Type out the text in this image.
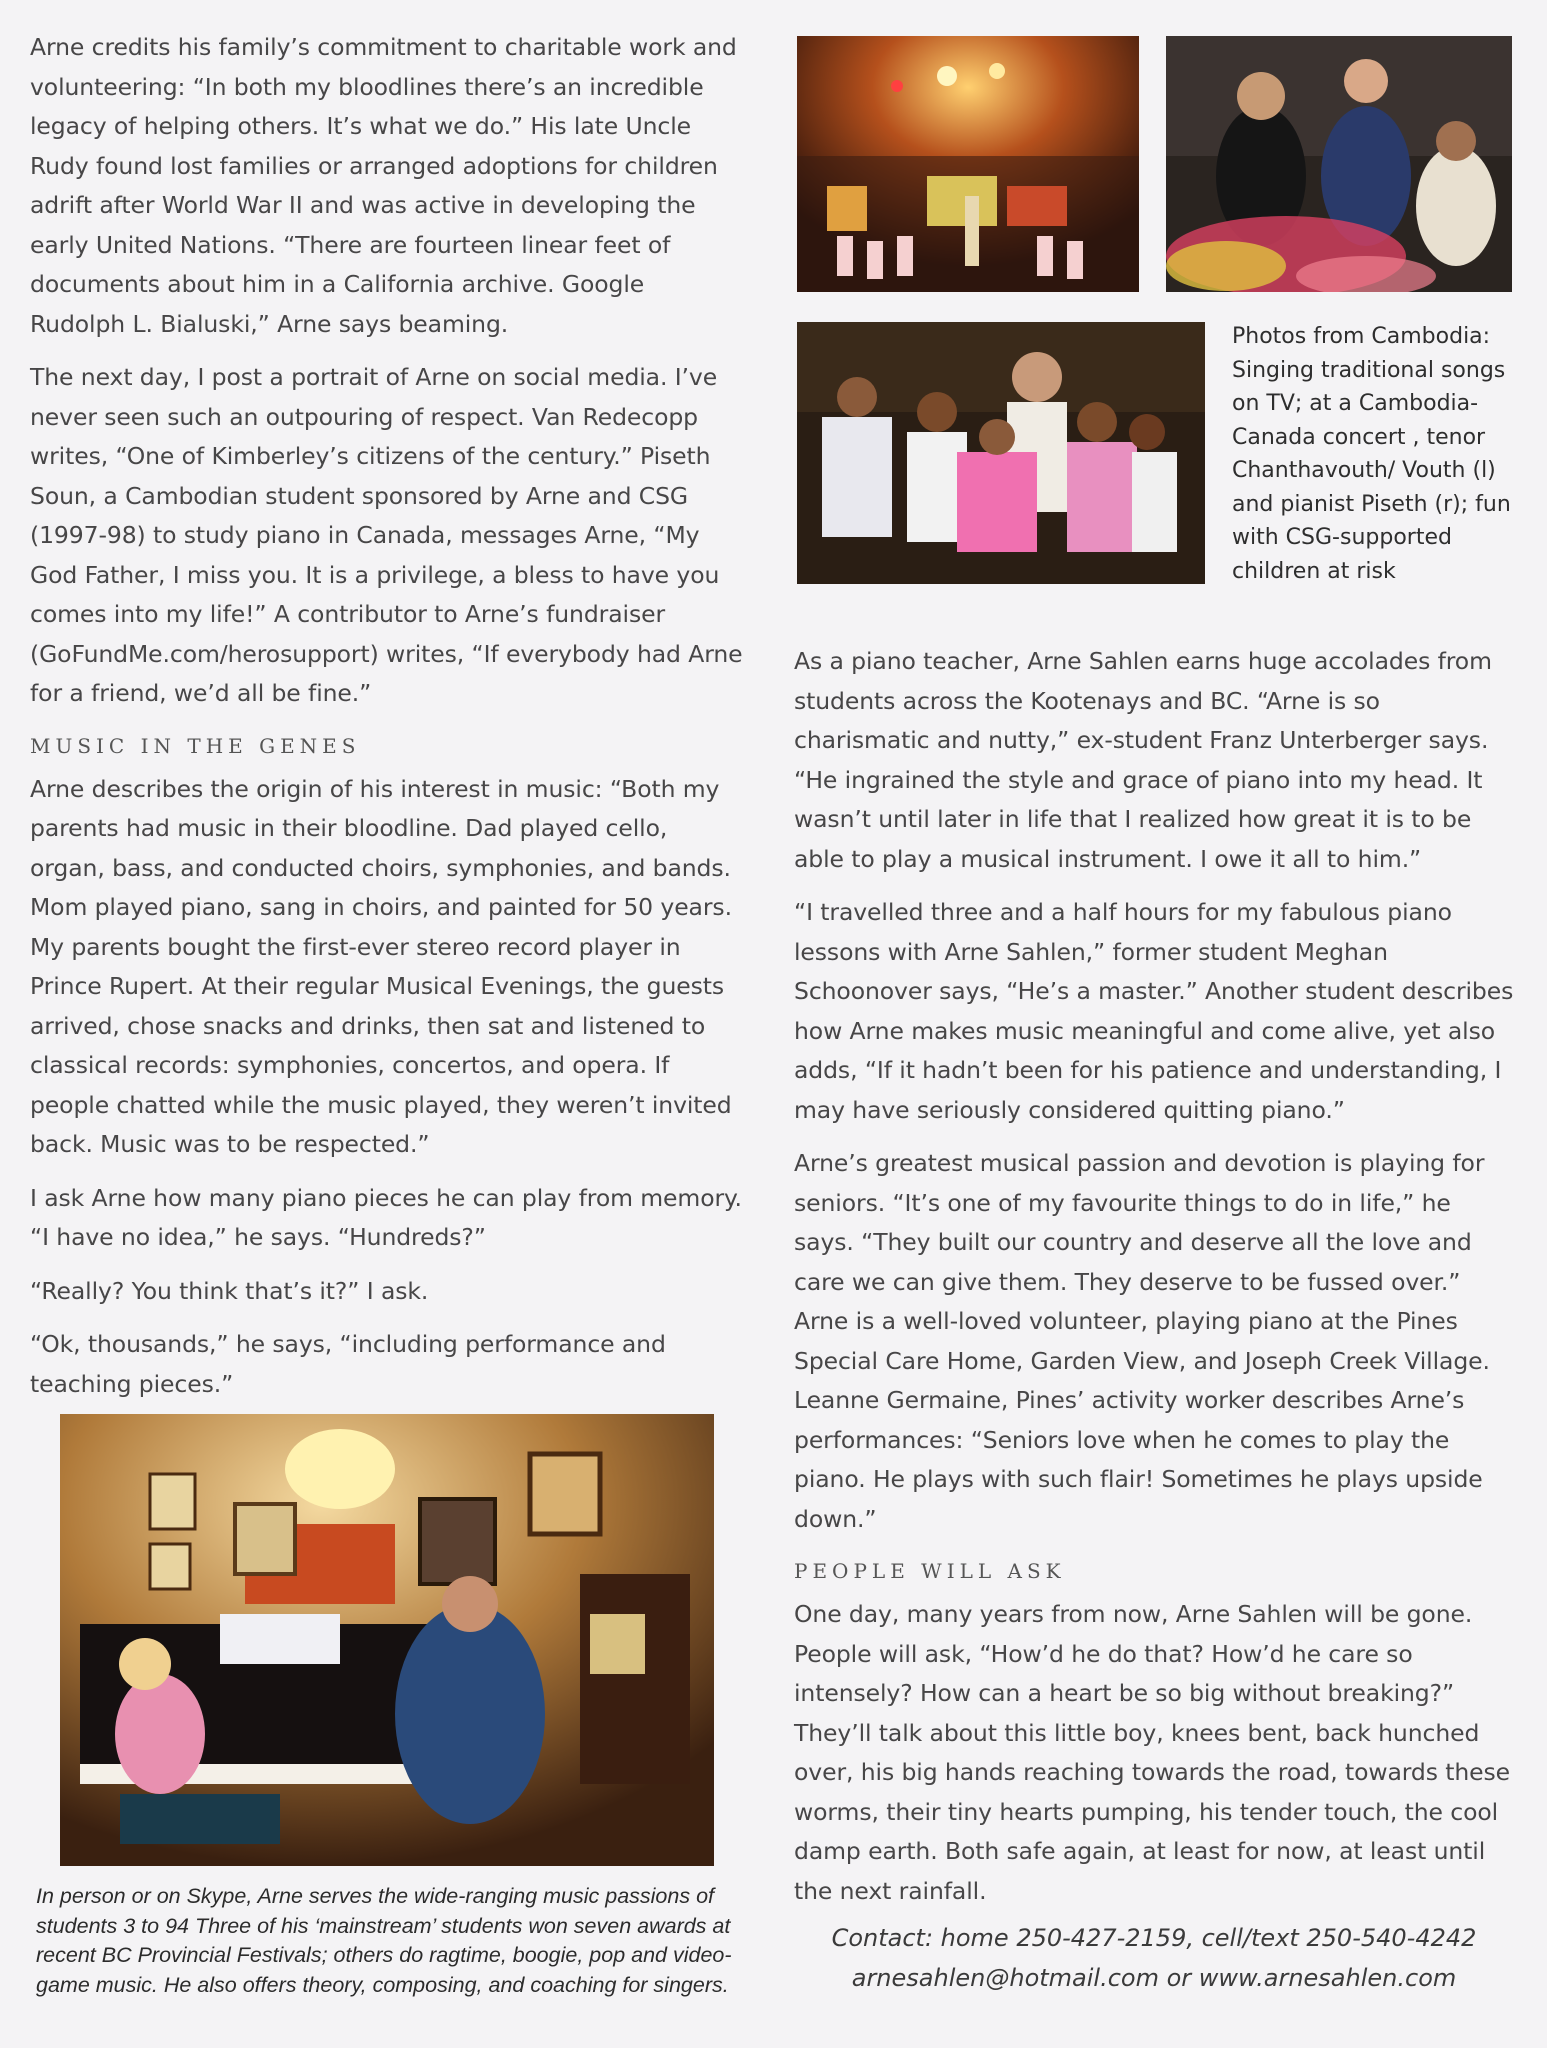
Arne credits his family’s commitment to charitable work and volunteering: “In both my bloodlines there’s an incredible legacy of helping others. It’s what we do.” His late Uncle Rudy found lost families or arranged adoptions for children adrift after World War II and was active in developing the early United Nations. “There are fourteen linear feet of documents about him in a California archive. Google Rudolph L. Bialuski,” Arne says beaming.

The next day, I post a portrait of Arne on social media. I’ve never seen such an outpouring of respect. Van Redecopp writes, “One of Kimberley’s citizens of the century.” Piseth Soun, a Cambodian student sponsored by Arne and CSG (1997-98) to study piano in Canada, messages Arne, “My God Father, I miss you. It is a privilege, a bless to have you comes into my life!” A contributor to Arne’s fundraiser (GoFundMe.com/herosupport) writes, “If everybody had Arne for a friend, we’d all be fine.”

MUSIC IN THE GENES

Arne describes the origin of his interest in music: “Both my parents had music in their bloodline. Dad played cello, organ, bass, and conducted choirs, symphonies, and bands. Mom played piano, sang in choirs, and painted for 50 years. My parents bought the first-ever stereo record player in Prince Rupert. At their regular Musical Evenings, the guests arrived, chose snacks and drinks, then sat and listened to classical records: symphonies, concertos, and opera. If people chatted while the music played, they weren’t invited back. Music was to be respected.”

I ask Arne how many piano pieces he can play from memory. “I have no idea,” he says. “Hundreds?”

“Really? You think that’s it?” I ask.

“Ok, thousands,” he says, “including performance and teaching pieces.”

Photos from Cambodia: Singing traditional songs on TV; at a Cambodia-Canada concert , tenor Chanthavouth/ Vouth (l) and pianist Piseth (r); fun with CSG-supported children at risk

As a piano teacher, Arne Sahlen earns huge accolades from students across the Kootenays and BC. “Arne is so charismatic and nutty,” ex-student Franz Unterberger says. “He ingrained the style and grace of piano into my head. It wasn’t until later in life that I realized how great it is to be able to play a musical instrument. I owe it all to him.”

“I travelled three and a half hours for my fabulous piano lessons with Arne Sahlen,” former student Meghan Schoonover says, “He’s a master.” Another student describes how Arne makes music meaningful and come alive, yet also adds, “If it hadn’t been for his patience and understanding, I may have seriously considered quitting piano.”

Arne’s greatest musical passion and devotion is playing for seniors. “It’s one of my favourite things to do in life,” he says. “They built our country and deserve all the love and care we can give them. They deserve to be fussed over.” Arne is a well-loved volunteer, playing piano at the Pines Special Care Home, Garden View, and Joseph Creek Village. Leanne Germaine, Pines’ activity worker describes Arne’s performances: “Seniors love when he comes to play the piano. He plays with such flair! Sometimes he plays upside down.”

PEOPLE WILL ASK

One day, many years from now, Arne Sahlen will be gone. People will ask, “How’d he do that? How’d he care so intensely? How can a heart be so big without breaking?” They’ll talk about this little boy, knees bent, back hunched over, his big hands reaching towards the road, towards these worms, their tiny hearts pumping, his tender touch, the cool damp earth. Both safe again, at least for now, at least until the next rainfall.

In person or on Skype, Arne serves the wide-ranging music passions of students 3 to 94 Three of his ‘mainstream’ students won seven awards at recent BC Provincial Festivals; others do ragtime, boogie, pop and video-game music. He also offers theory, composing, and coaching for singers.
Contact: home 250-427-2159, cell/text 250-540-4242
arnesahlen@hotmail.com or www.arnesahlen.com
